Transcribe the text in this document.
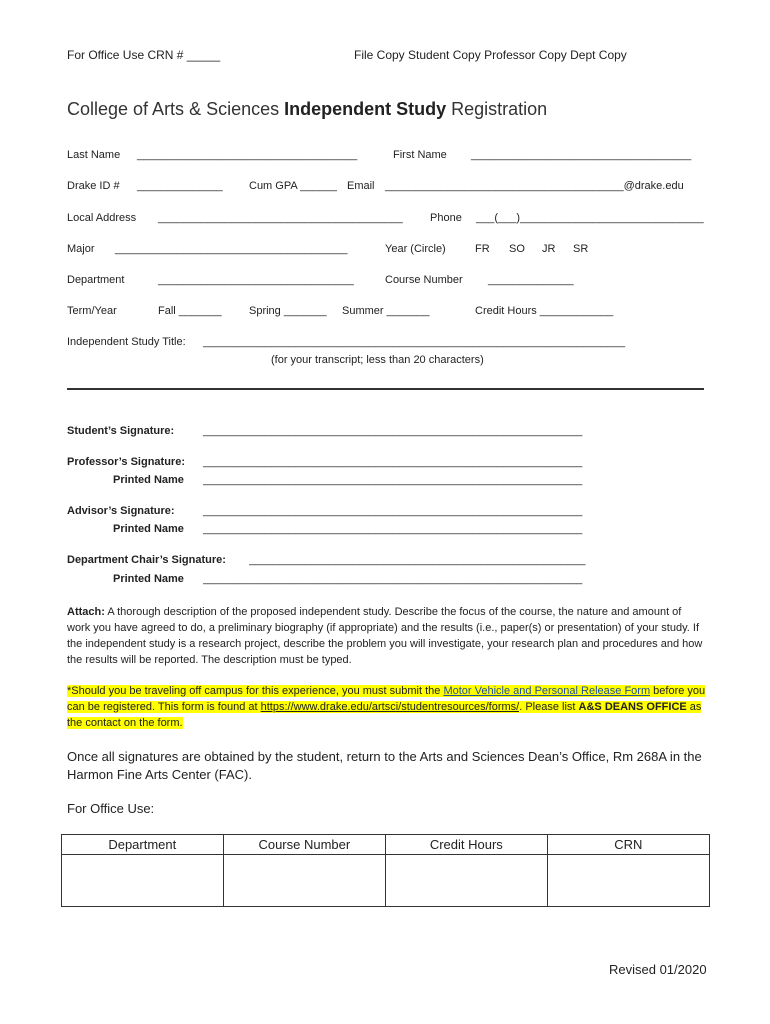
For Office Use CRN # _____	File Copy Student Copy Professor Copy Dept Copy
College of Arts & Sciences Independent Study Registration
Last Name ____________________________________	First Name ____________________________________
Drake ID # ______________ Cum GPA ______ Email _______________________________________@drake.edu
Local Address ________________________________________ Phone ___(___)______________________________
Major ______________________________________	Year (Circle)	FR SO JR SR
Department	________________________________	Course Number ______________
Term/Year	Fall _______ Spring _______ Summer _______	Credit Hours ____________
Independent Study Title: _____________________________________________________________________
(for your transcript; less than 20 characters)
Student’s Signature:	______________________________________________________________
Professor’s Signature: ______________________________________________________________
Printed Name ______________________________________________________________
Advisor’s Signature:	______________________________________________________________
Printed Name ______________________________________________________________
Department Chair’s Signature: _______________________________________________________
Printed Name ______________________________________________________________
Attach: A thorough description of the proposed independent study. Describe the focus of the course, the nature and amount of work you have agreed to do, a preliminary biography (if appropriate) and the results (i.e., paper(s) or presentation) of your study. If the independent study is a research project, describe the problem you will investigate, your research plan and procedures and how the results will be reported. The description must be typed.
*Should you be traveling off campus for this experience, you must submit the Motor Vehicle and Personal Release Form before you can be registered. This form is found at https://www.drake.edu/artsci/studentresources/forms/. Please list A&S DEANS OFFICE as the contact on the form.
Once all signatures are obtained by the student, return to the Arts and Sciences Dean’s Office, Rm 268A in the Harmon Fine Arts Center (FAC).
For Office Use:
Department	Course Number	Credit Hours	CRN

Revised 01/2020
